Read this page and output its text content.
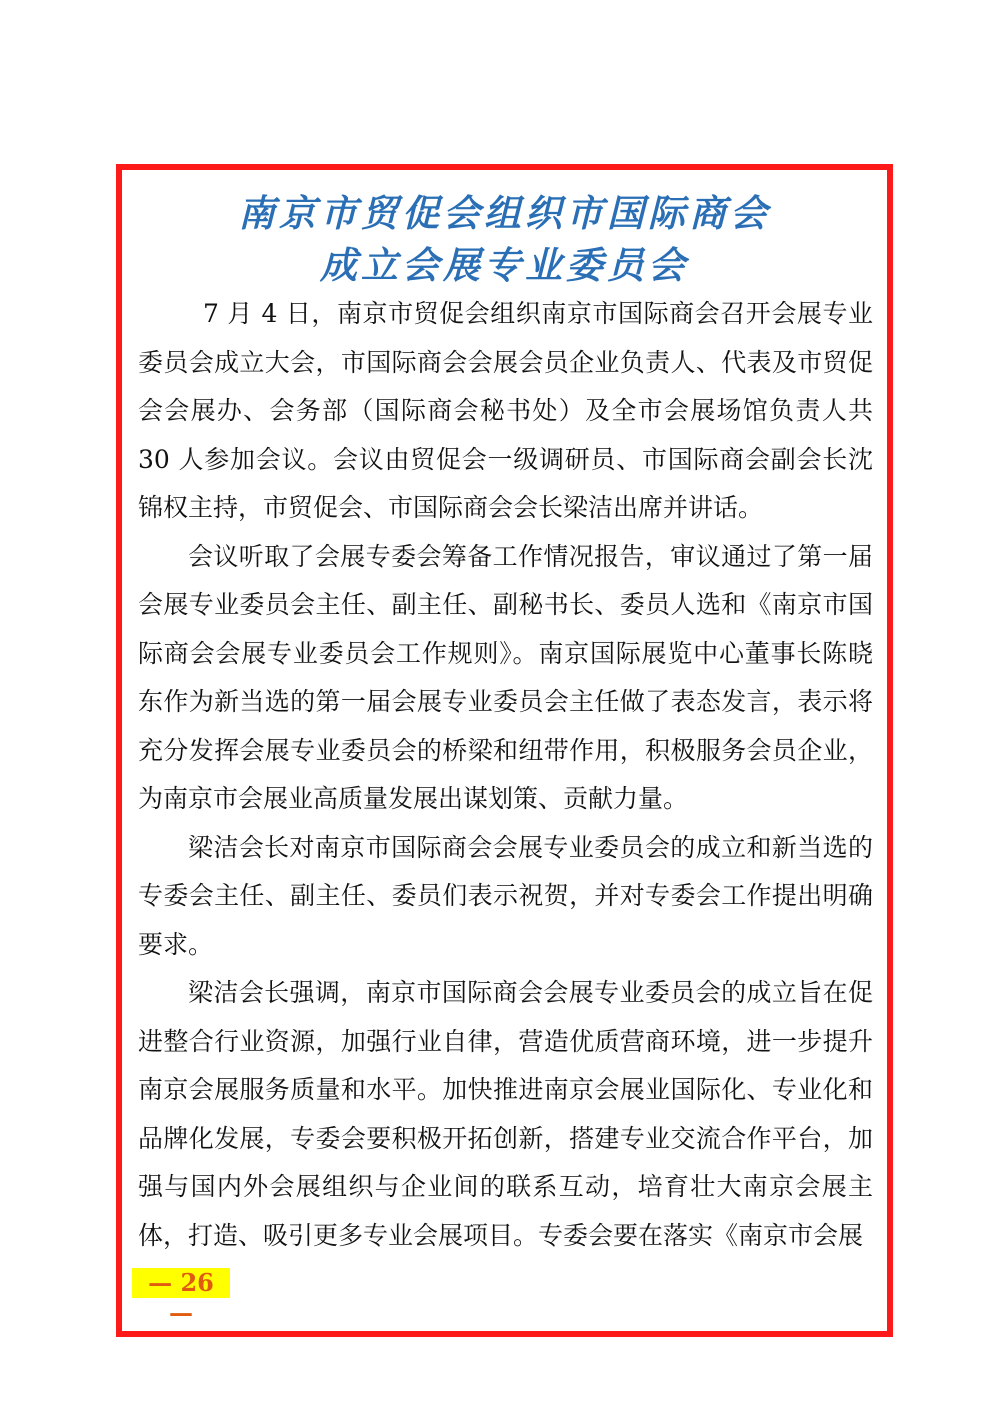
南京市贸促会组织市国际商会
成立会展专业委员会

7 月 4 日，南京市贸促会组织南京市国际商会召开会展专业委员会成立大会，市国际商会会展会员企业负责人、代表及市贸促会会展办、会务部（国际商会秘书处）及全市会展场馆负责人共 30 人参加会议。会议由贸促会一级调研员、市国际商会副会长沈锦权主持，市贸促会、市国际商会会长梁洁出席并讲话。

会议听取了会展专委会筹备工作情况报告，审议通过了第一届会展专业委员会主任、副主任、副秘书长、委员人选和《南京市国际商会会展专业委员会工作规则》。南京国际展览中心董事长陈晓东作为新当选的第一届会展专业委员会主任做了表态发言，表示将充分发挥会展专业委员会的桥梁和纽带作用，积极服务会员企业，为南京市会展业高质量发展出谋划策、贡献力量。

梁洁会长对南京市国际商会会展专业委员会的成立和新当选的专委会主任、副主任、委员们表示祝贺，并对专委会工作提出明确要求。

梁洁会长强调，南京市国际商会会展专业委员会的成立旨在促进整合行业资源，加强行业自律，营造优质营商环境，进一步提升南京会展服务质量和水平。加快推进南京会展业国际化、专业化和品牌化发展，专委会要积极开拓创新，搭建专业交流合作平台，加强与国内外会展组织与企业间的联系互动，培育壮大南京会展主体，打造、吸引更多专业会展项目。专委会要在落实《南京市会展

— 26 —
